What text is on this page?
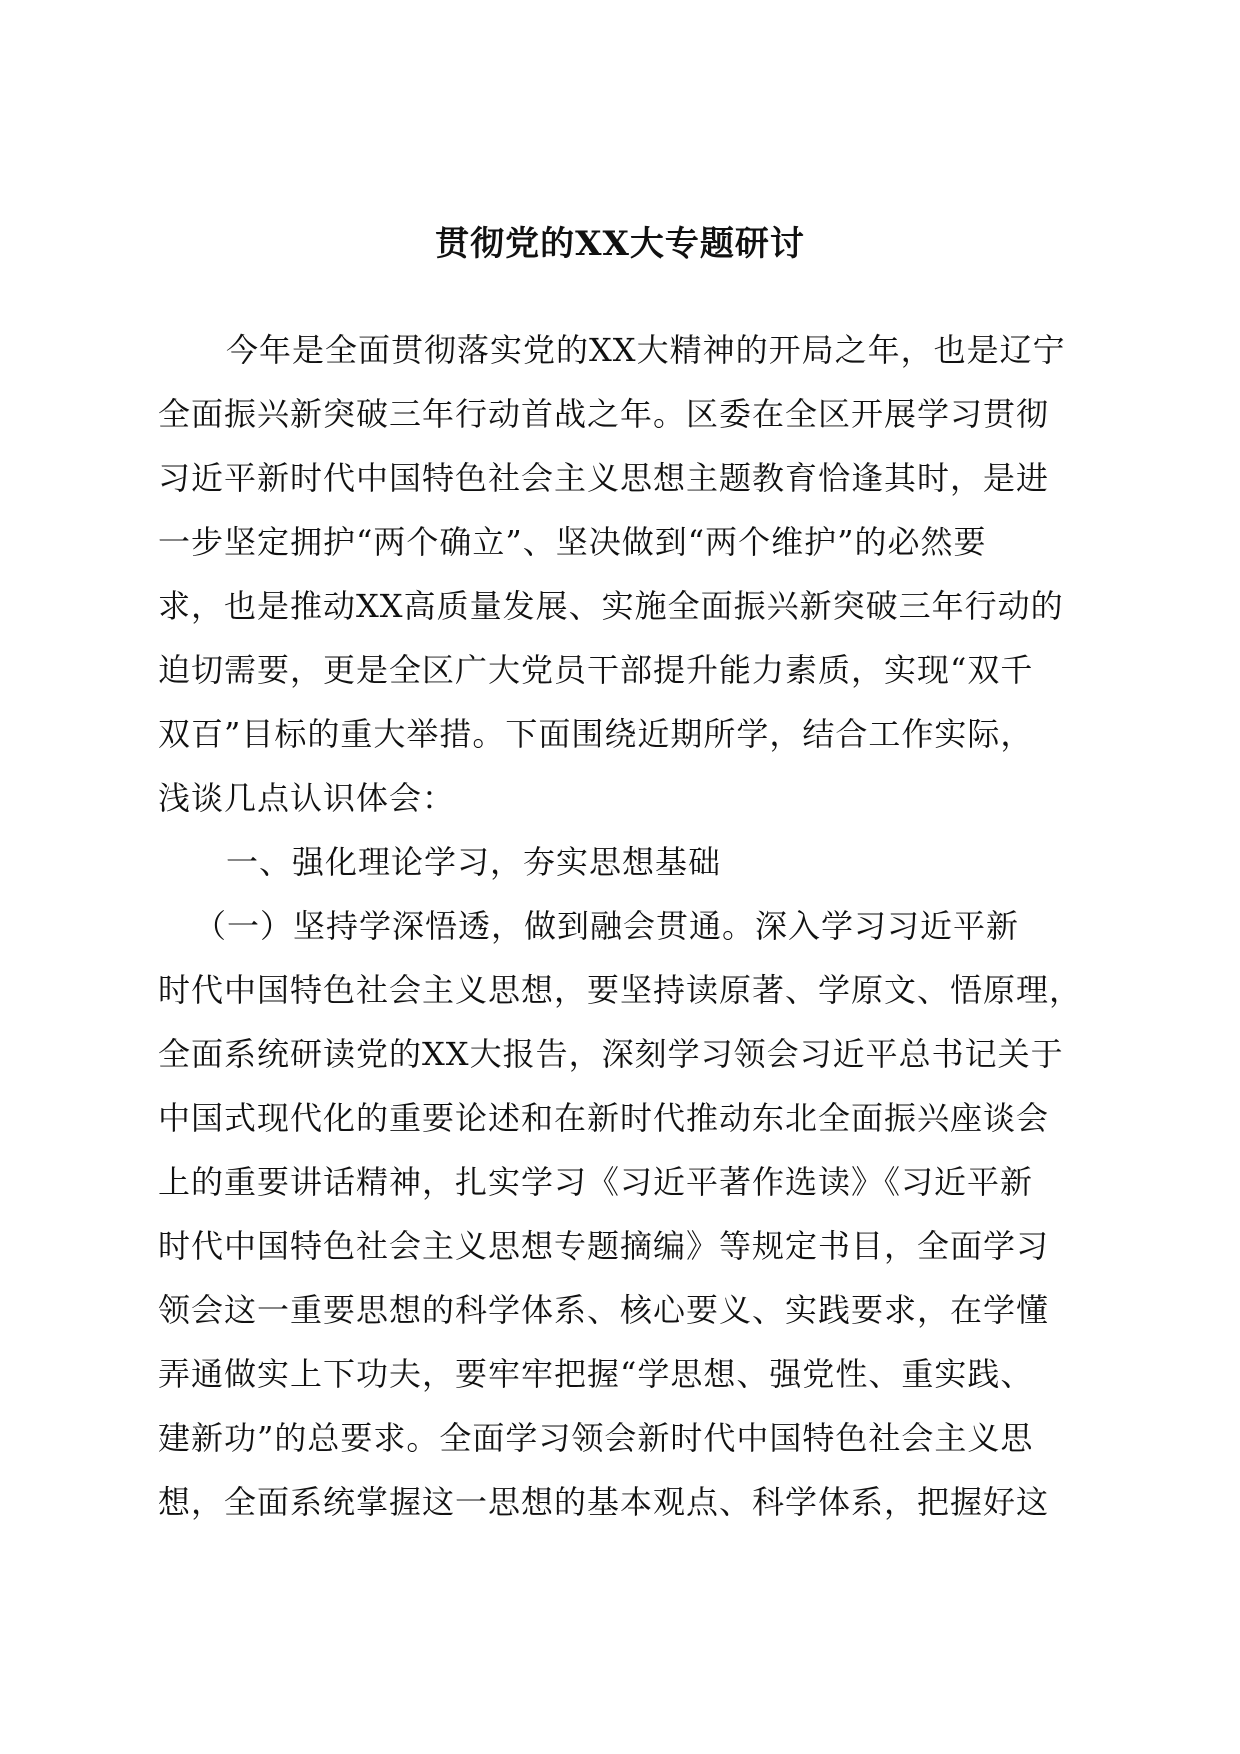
贯彻党的XX大专题研讨
今年是全面贯彻落实党的XX大精神的开局之年，也是辽宁
全面振兴新突破三年行动首战之年。区委在全区开展学习贯彻
习近平新时代中国特色社会主义思想主题教育恰逢其时，是进
一步坚定拥护“两个确立”、坚决做到“两个维护”的必然要
求，也是推动XX高质量发展、实施全面振兴新突破三年行动的
迫切需要，更是全区广大党员干部提升能力素质，实现“双千
双百”目标的重大举措。下面围绕近期所学，结合工作实际，
浅谈几点认识体会：
一、强化理论学习，夯实思想基础
（一）坚持学深悟透，做到融会贯通。深入学习习近平新
时代中国特色社会主义思想，要坚持读原著、学原文、悟原理，
全面系统研读党的XX大报告，深刻学习领会习近平总书记关于
中国式现代化的重要论述和在新时代推动东北全面振兴座谈会
上的重要讲话精神，扎实学习《习近平著作选读》《习近平新
时代中国特色社会主义思想专题摘编》等规定书目，全面学习
领会这一重要思想的科学体系、核心要义、实践要求，在学懂
弄通做实上下功夫，要牢牢把握“学思想、强党性、重实践、
建新功”的总要求。全面学习领会新时代中国特色社会主义思
想，全面系统掌握这一思想的基本观点、科学体系，把握好这
